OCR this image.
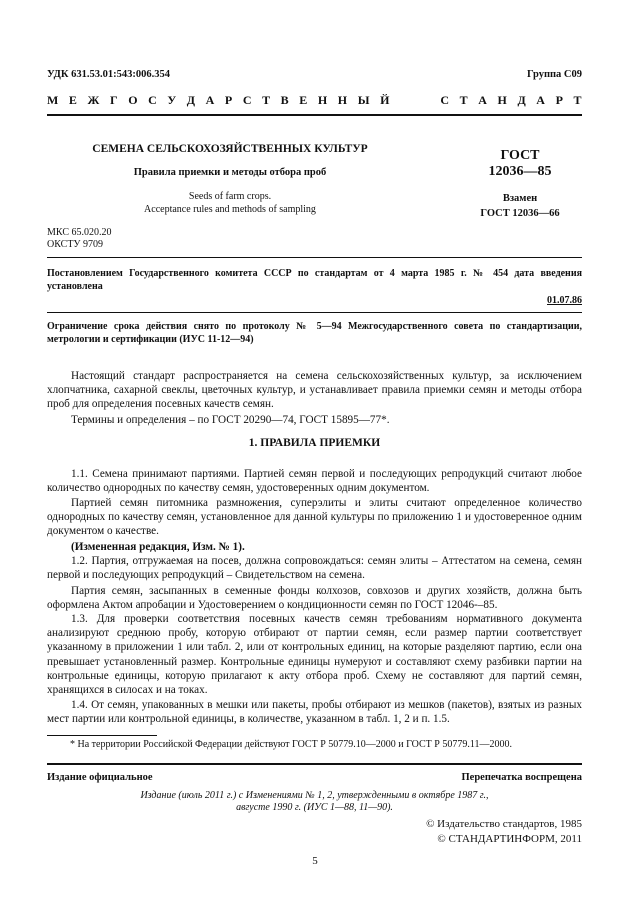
УДК 631.53.01:543:006.354	Группа С09
М Е Ж Г О С У Д А Р С Т В Е Н Н Ы Й     С Т А Н Д А Р Т
СЕМЕНА СЕЛЬСКОХОЗЯЙСТВЕННЫХ КУЛЬТУР
Правила приемки и методы отбора проб
Seeds of farm crops.
Acceptance rules and methods of sampling
ГОСТ
12036—85
Взамен
ГОСТ 12036—66
МКС 65.020.20
ОКСТУ 9709
Постановлением Государственного комитета СССР по стандартам от 4 марта 1985 г. № 454 дата введения установлена
01.07.86
Ограничение срока действия снято по протоколу № 5—94 Межгосударственного совета по стандартизации, метрологии и сертификации (ИУС 11-12—94)
Настоящий стандарт распространяется на семена сельскохозяйственных культур, за исключением хлопчатника, сахарной свеклы, цветочных культур, и устанавливает правила приемки семян и методы отбора проб для определения посевных качеств семян.
Термины и определения – по ГОСТ 20290—74, ГОСТ 15895—77*.
1. ПРАВИЛА ПРИЕМКИ
1.1. Семена принимают партиями. Партией семян первой и последующих репродукций считают любое количество однородных по качеству семян, удостоверенных одним документом.
Партией семян питомника размножения, суперэлиты и элиты считают определенное количество однородных по качеству семян, установленное для данной культуры по приложению 1 и удостоверенное одним документом о качестве.
(Измененная редакция, Изм. № 1).
1.2. Партия, отгружаемая на посев, должна сопровождаться: семян элиты – Аттестатом на семена, семян первой и последующих репродукций – Свидетельством на семена.
Партия семян, засыпанных в семенные фонды колхозов, совхозов и других хозяйств, должна быть оформлена Актом апробации и Удостоверением о кондиционности семян по ГОСТ 12046-–85.
1.3. Для проверки соответствия посевных качеств семян требованиям нормативного документа анализируют среднюю пробу, которую отбирают от партии семян, если размер партии соответствует указанному в приложении 1 или табл. 2, или от контрольных единиц, на которые разделяют партию, если она превышает установленный размер. Контрольные единицы нумеруют и составляют схему разбивки партии на контрольные единицы, которую прилагают к акту отбора проб. Схему не составляют для партий семян, хранящихся в силосах и на токах.
1.4. От семян, упакованных в мешки или пакеты, пробы отбирают из мешков (пакетов), взятых из разных мест партии или контрольной единицы, в количестве, указанном в табл. 1, 2 и п. 1.5.
* На территории Российской Федерации действуют ГОСТ Р 50779.10—2000 и ГОСТ Р 50779.11—2000.
Издание официальное	Перепечатка воспрещена
Издание (июль 2011 г.) с Изменениями № 1, 2, утвержденными в октябре 1987 г.,
августе 1990 г. (ИУС 1—88, 11—90).
© Издательство стандартов, 1985
© СТАНДАРТИНФОРМ, 2011
5
